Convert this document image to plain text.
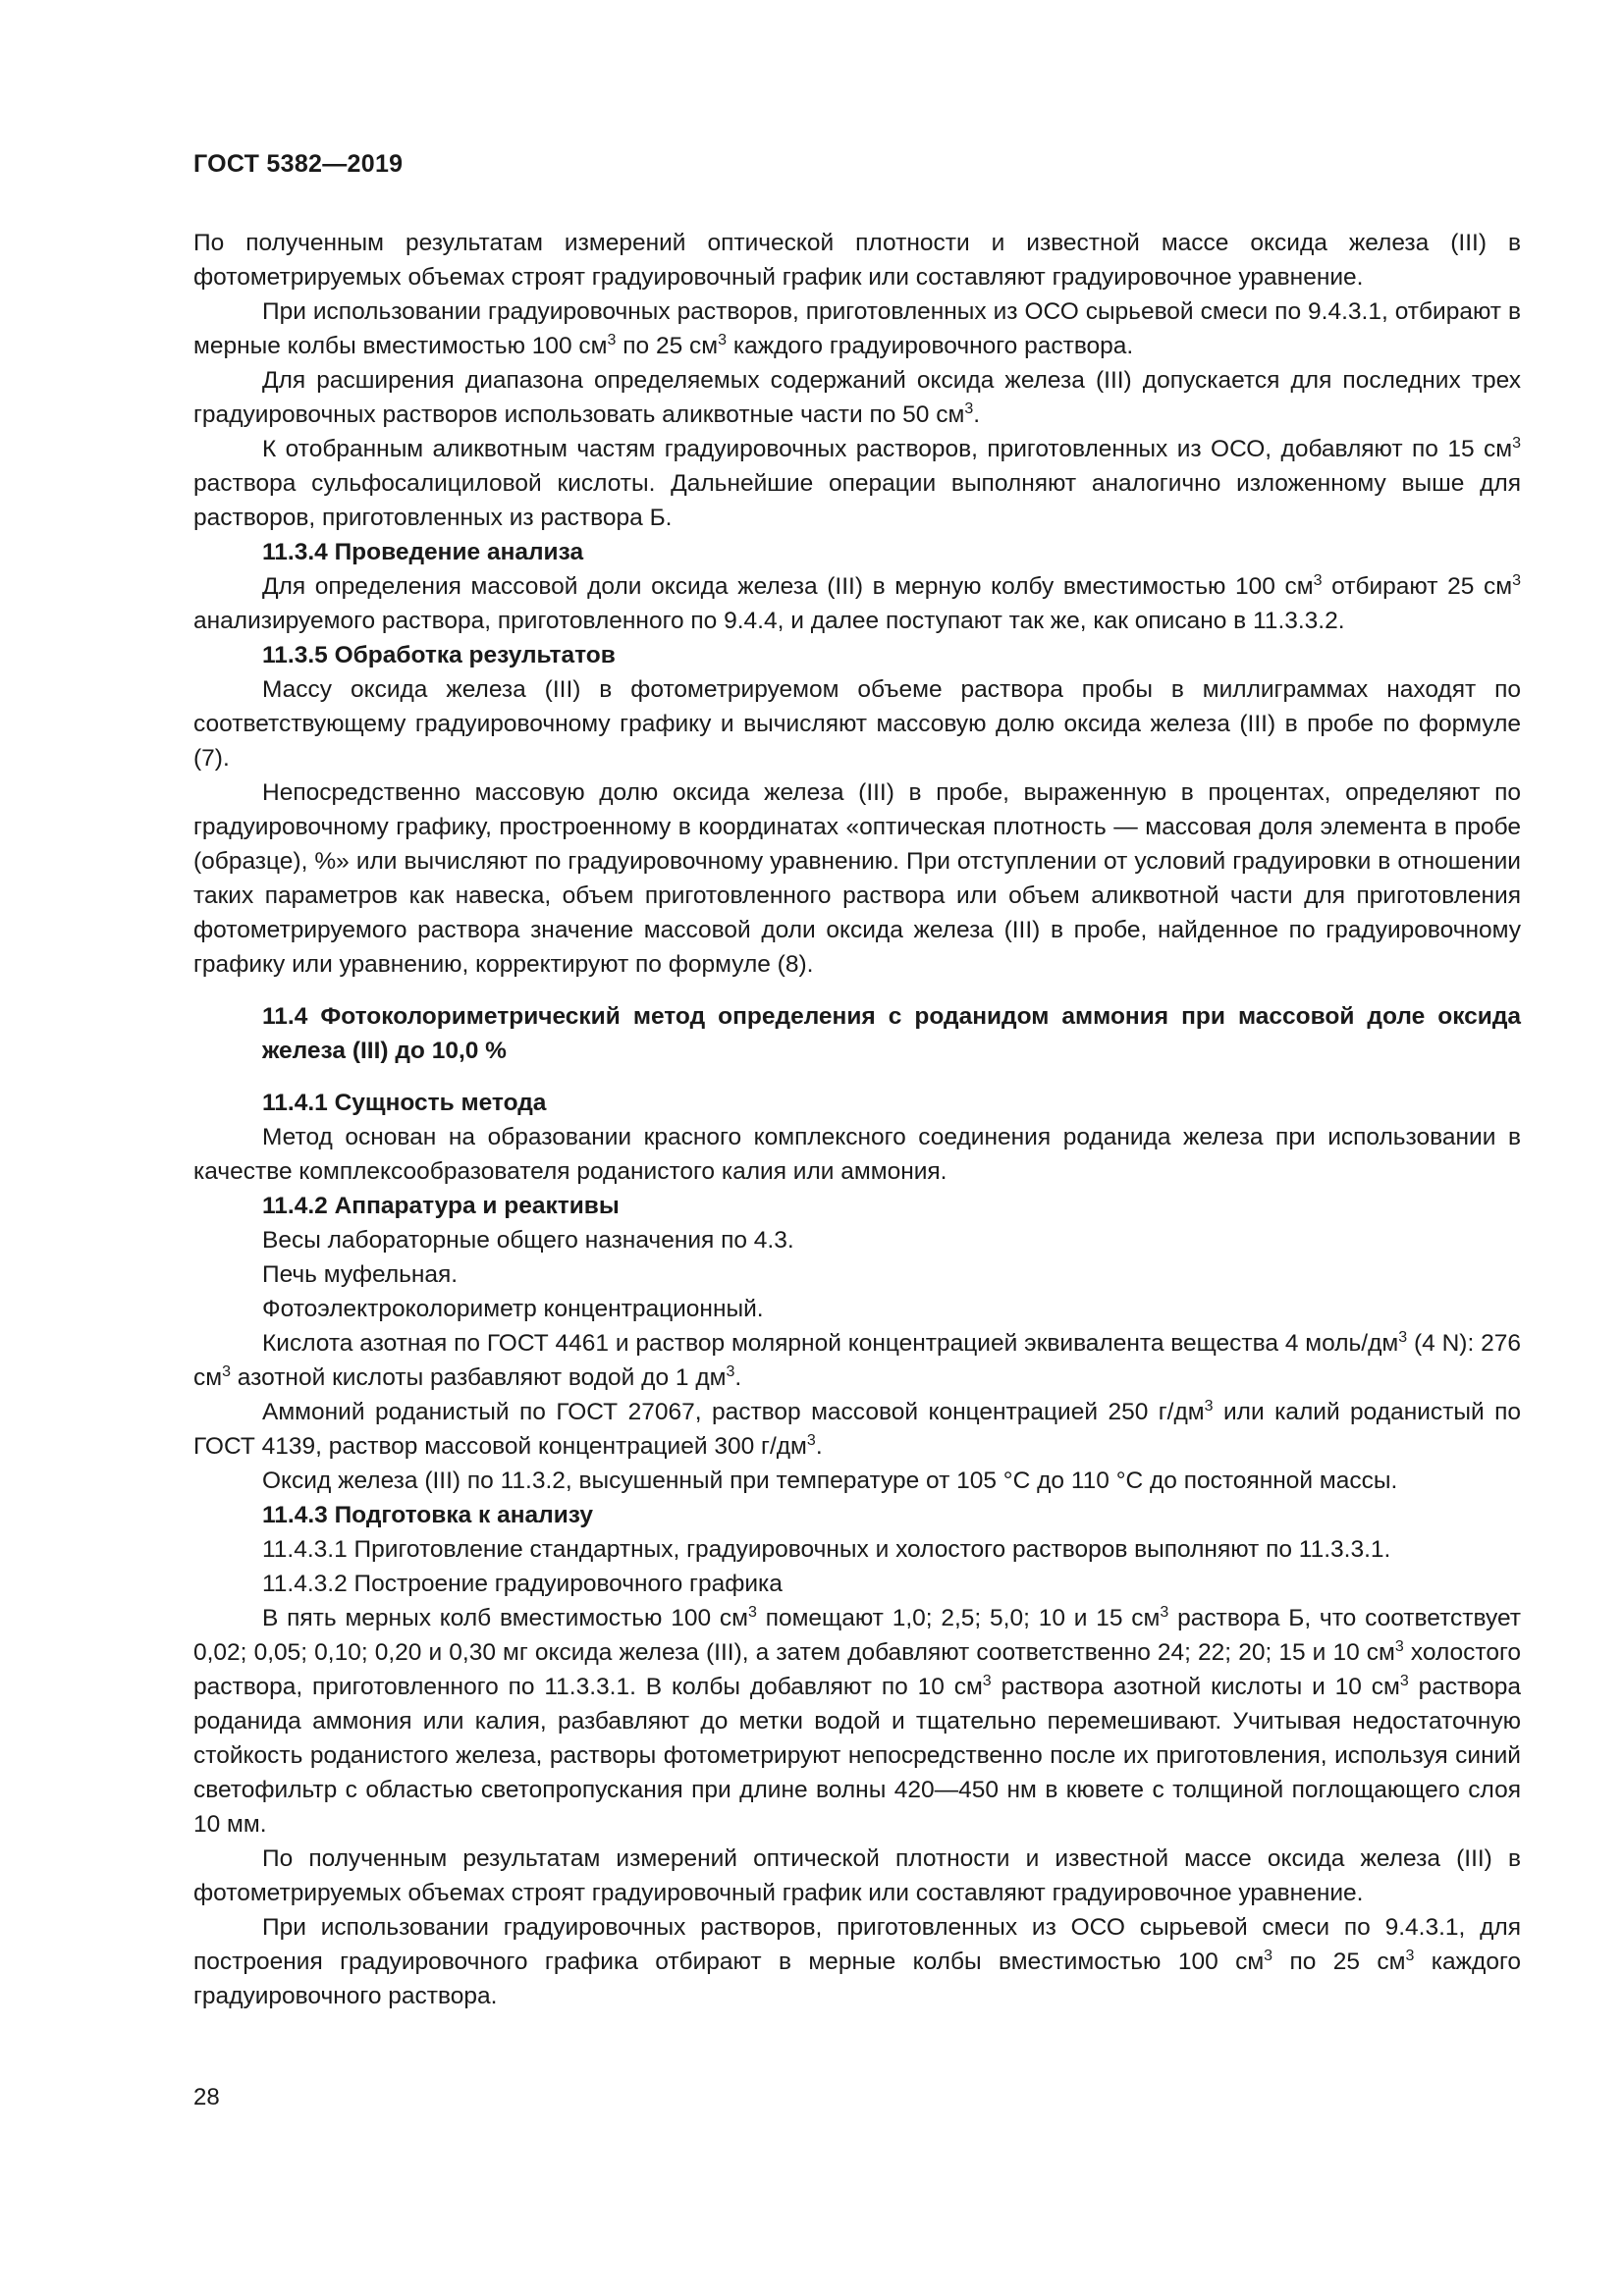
ГОСТ 5382—2019

По полученным результатам измерений оптической плотности и известной массе оксида железа (III) в фотометрируемых объемах строят градуировочный график или составляют градуировочное уравнение.

При использовании градуировочных растворов, приготовленных из ОСО сырьевой смеси по 9.4.3.1, отбирают в мерные колбы вместимостью 100 $см^3$ по 25 $см^3$ каждого градуировочного раствора.

Для расширения диапазона определяемых содержаний оксида железа (III) допускается для последних трех градуировочных растворов использовать аликвотные части по 50 $см^3$.

К отобранным аликвотным частям градуировочных растворов, приготовленных из ОСО, добавляют по 15 $см^3$ раствора сульфосалициловой кислоты. Дальнейшие операции выполняют аналогично изложенному выше для растворов, приготовленных из раствора Б.

11.3.4 Проведение анализа

Для определения массовой доли оксида железа (III) в мерную колбу вместимостью 100 $см^3$ отбирают 25 $см^3$ анализируемого раствора, приготовленного по 9.4.4, и далее поступают так же, как описано в 11.3.3.2.

11.3.5 Обработка результатов

Массу оксида железа (III) в фотометрируемом объеме раствора пробы в миллиграммах находят по соответствующему градуировочному графику и вычисляют массовую долю оксида железа (III) в пробе по формуле (7).

Непосредственно массовую долю оксида железа (III) в пробе, выраженную в процентах, определяют по градуировочному графику, простроенному в координатах «оптическая плотность — массовая доля элемента в пробе (образце), %» или вычисляют по градуировочному уравнению. При отступлении от условий градуировки в отношении таких параметров как навеска, объем приготовленного раствора или объем аликвотной части для приготовления фотометрируемого раствора значение массовой доли оксида железа (III) в пробе, найденное по градуировочному графику или уравнению, корректируют по формуле (8).

11.4 Фотоколориметрический метод определения с роданидом аммония при массовой доле оксида железа (III) до 10,0 %

11.4.1 Сущность метода

Метод основан на образовании красного комплексного соединения роданида железа при использовании в качестве комплексообразователя роданистого калия или аммония.

11.4.2 Аппаратура и реактивы

Весы лабораторные общего назначения по 4.3.

Печь муфельная.

Фотоэлектроколориметр концентрационный.

Кислота азотная по ГОСТ 4461 и раствор молярной концентрацией эквивалента вещества 4 моль/$дм^3$ (4 N): 276 $см^3$ азотной кислоты разбавляют водой до 1 $дм^3$.

Аммоний роданистый по ГОСТ 27067, раствор массовой концентрацией 250 $г/дм^3$ или калий роданистый по ГОСТ 4139, раствор массовой концентрацией 300 $г/дм^3$.

Оксид железа (III) по 11.3.2, высушенный при температуре от 105 °С до 110 °С до постоянной массы.

11.4.3 Подготовка к анализу

11.4.3.1 Приготовление стандартных, градуировочных и холостого растворов выполняют по 11.3.3.1.

11.4.3.2 Построение градуировочного графика

В пять мерных колб вместимостью 100 $см^3$ помещают 1,0; 2,5; 5,0; 10 и 15 $см^3$ раствора Б, что соответствует 0,02; 0,05; 0,10; 0,20 и 0,30 мг оксида железа (III), а затем добавляют соответственно 24; 22; 20; 15 и 10 $см^3$ холостого раствора, приготовленного по 11.3.3.1. В колбы добавляют по 10 $см^3$ раствора азотной кислоты и 10 $см^3$ раствора роданида аммония или калия, разбавляют до метки водой и тщательно перемешивают. Учитывая недостаточную стойкость роданистого железа, растворы фотометрируют непосредственно после их приготовления, используя синий светофильтр с областью светопропускания при длине волны 420—450 нм в кювете с толщиной поглощающего слоя 10 мм.

По полученным результатам измерений оптической плотности и известной массе оксида железа (III) в фотометрируемых объемах строят градуировочный график или составляют градуировочное уравнение.

При использовании градуировочных растворов, приготовленных из ОСО сырьевой смеси по 9.4.3.1, для построения градуировочного графика отбирают в мерные колбы вместимостью 100 $см^3$ по 25 $см^3$ каждого градуировочного раствора.

28
